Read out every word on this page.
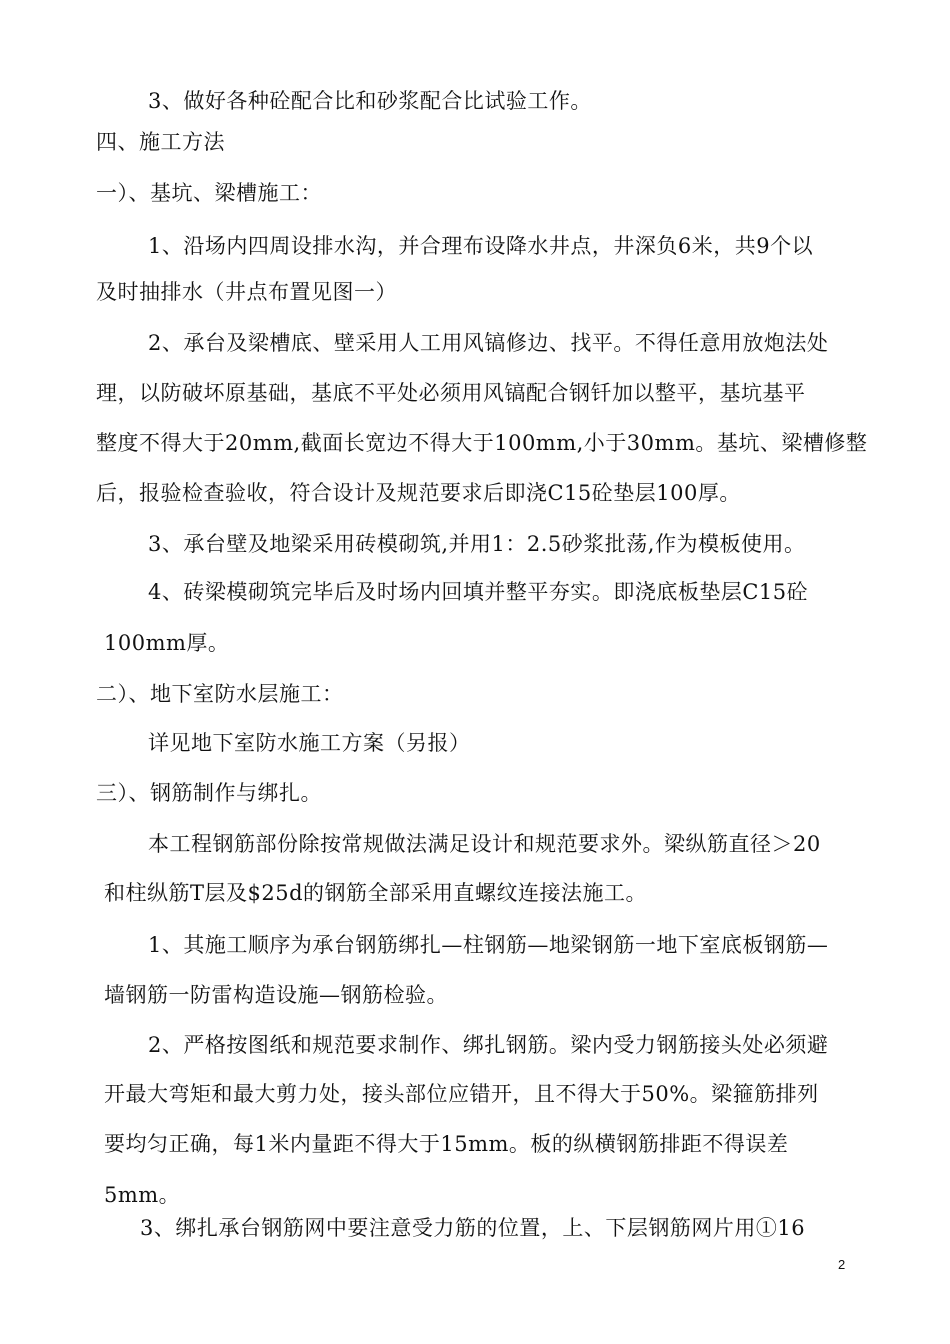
3、做好各种砼配合比和砂浆配合比试验工作。
四、施工方法
一）、基坑、梁槽施工：
1、沿场内四周设排水沟，并合理布设降水井点，井深负6米，共9个以
及时抽排水（井点布置见图一）
2、承台及梁槽底、壁采用人工用风镐修边、找平。不得任意用放炮法处
理，以防破坏原基础，基底不平处必须用风镐配合钢钎加以整平，基坑基平
整度不得大于20mm,截面长宽边不得大于100mm,小于30mm。基坑、梁槽修整
后，报验检查验收，符合设计及规范要求后即浇C15砼垫层100厚。
3、承台壁及地梁采用砖模砌筑,并用1：2.5砂浆批荡,作为模板使用。
4、砖梁模砌筑完毕后及时场内回填并整平夯实。即浇底板垫层C15砼
100mm厚。
二）、地下室防水层施工：
详见地下室防水施工方案（另报）
三）、钢筋制作与绑扎。
本工程钢筋部份除按常规做法满足设计和规范要求外。梁纵筋直径＞20
和柱纵筋T层及$25d的钢筋全部采用直螺纹连接法施工。
1、其施工顺序为承台钢筋绑扎—柱钢筋—地梁钢筋一地下室底板钢筋—
墙钢筋一防雷构造设施—钢筋检验。
2、严格按图纸和规范要求制作、绑扎钢筋。梁内受力钢筋接头处必须避
开最大弯矩和最大剪力处，接头部位应错开，且不得大于50%。梁箍筋排列
要均匀正确，每1米内量距不得大于15mm。板的纵横钢筋排距不得误差
5mm。
3、绑扎承台钢筋网中要注意受力筋的位置，上、下层钢筋网片用①16
2
